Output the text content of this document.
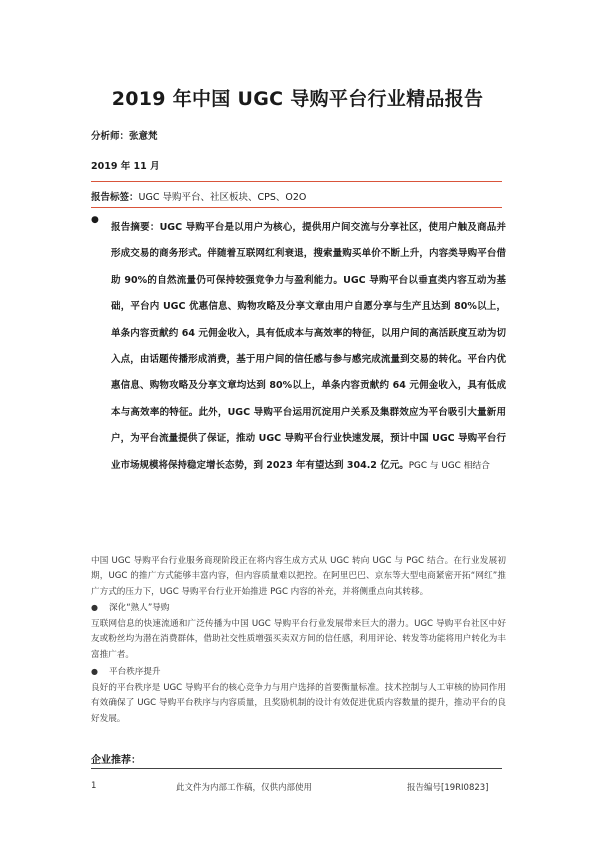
2019 年中国 UGC 导购平台行业精品报告
分析师：张意梵
2019 年 11 月
报告标签：UGC 导购平台、社区板块、CPS、O2O
●
报告摘要：UGC 导购平台是以用户为核心，提供用户间交流与分享社区，使用户触及商品并形成交易的商务形式。伴随着互联网红利衰退，搜索量购买单价不断上升，内容类导购平台借助 90%的自然流量仍可保持较强竞争力与盈利能力。UGC 导购平台以垂直类内容互动为基础，平台内 UGC 优惠信息、购物攻略及分享文章由用户自愿分享与生产且达到 80%以上，单条内容贡献约 64 元佣金收入，具有低成本与高效率的特征，以用户间的高活跃度互动为切入点，由话题传播形成消费，基于用户间的信任感与参与感完成流量到交易的转化。平台内优惠信息、购物攻略及分享文章均达到 80%以上，单条内容贡献约 64 元佣金收入，具有低成本与高效率的特征。此外，UGC 导购平台运用沉淀用户关系及集群效应为平台吸引大量新用户，为平台流量提供了保证，推动 UGC 导购平台行业快速发展，预计中国 UGC 导购平台行业市场规模将保持稳定增长态势，到 2023 年有望达到 304.2 亿元。PGC 与 UGC 相结合
中国 UGC 导购平台行业服务商现阶段正在将内容生成方式从 UGC 转向 UGC 与 PGC 结合。在行业发展初期，UGC 的推广方式能够丰富内容，但内容质量难以把控。在阿里巴巴、京东等大型电商紧密开拓“网红”推广方式的压力下，UGC 导购平台行业开始推进 PGC 内容的补充，并将侧重点向其转移。
● 深化“熟人”导购
互联网信息的快速流通和广泛传播为中国 UGC 导购平台行业发展带来巨大的潜力。UGC 导购平台社区中好友或粉丝均为潜在消费群体，借助社交性质增强买卖双方间的信任感，利用评论、转发等功能将用户转化为丰富推广者。
● 平台秩序提升
良好的平台秩序是 UGC 导购平台的核心竞争力与用户选择的首要衡量标准。技术控制与人工审核的协同作用有效确保了 UGC 导购平台秩序与内容质量，且奖励机制的设计有效促进优质内容数量的提升，推动平台的良好发展。
企业推荐：
1	此文件为内部工作稿，仅供内部使用	报告编号[19RI0823]
